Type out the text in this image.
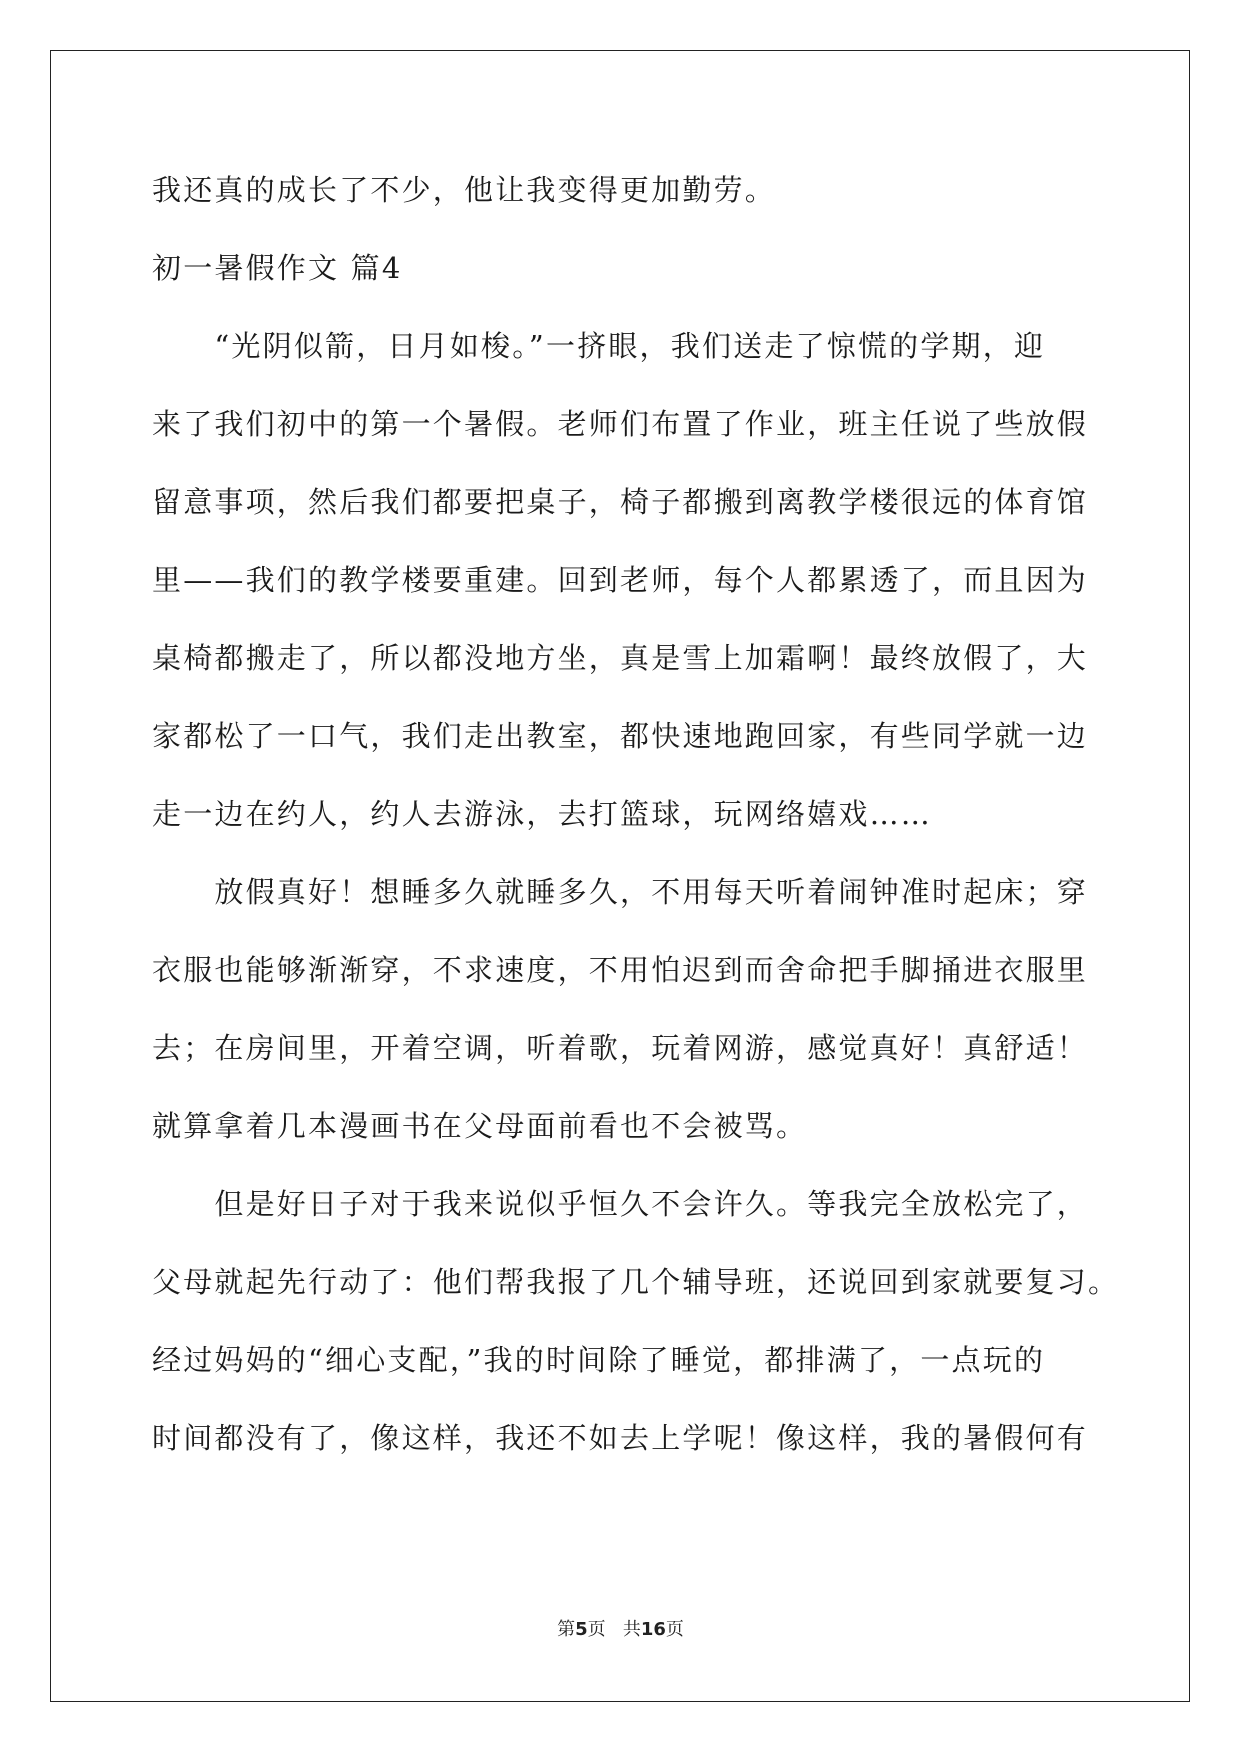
我还真的成长了不少，他让我变得更加勤劳。
初一暑假作文 篇4
　　“光阴似箭，日月如梭。”一挤眼，我们送走了惊慌的学期，迎
来了我们初中的第一个暑假。老师们布置了作业，班主任说了些放假
留意事项，然后我们都要把桌子，椅子都搬到离教学楼很远的体育馆
里——我们的教学楼要重建。回到老师，每个人都累透了，而且因为
桌椅都搬走了，所以都没地方坐，真是雪上加霜啊！最终放假了，大
家都松了一口气，我们走出教室，都快速地跑回家，有些同学就一边
走一边在约人，约人去游泳，去打篮球，玩网络嬉戏……
　　放假真好！想睡多久就睡多久，不用每天听着闹钟准时起床；穿
衣服也能够渐渐穿，不求速度，不用怕迟到而舍命把手脚捅进衣服里
去；在房间里，开着空调，听着歌，玩着网游，感觉真好！真舒适！
就算拿着几本漫画书在父母面前看也不会被骂。
　　但是好日子对于我来说似乎恒久不会许久。等我完全放松完了，
父母就起先行动了：他们帮我报了几个辅导班，还说回到家就要复习。
经过妈妈的“细心支配，”我的时间除了睡觉，都排满了，一点玩的
时间都没有了，像这样，我还不如去上学呢！像这样，我的暑假何有
第5页 共16页
